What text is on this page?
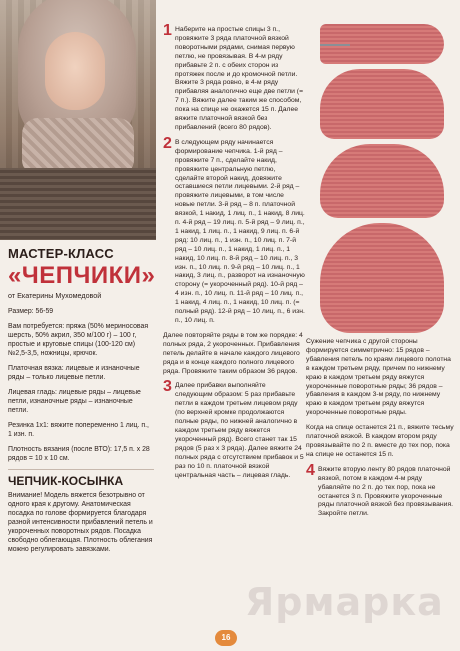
МАСТЕР-КЛАСС
«ЧЕПЧИКИ»
от Екатерины Мухомедовой
Размер: 56-59
Вам потребуется: пряжа (50% мериносовая шерсть, 50% акрил, 350 м/100 г) – 100 г, простые и круговые спицы (100-120 см) №2,5-3,5, ножницы, крючок.
Платочная вязка: лицевые и изнаночные ряды – только лицевые петли.
Лицевая гладь: лицевые ряды – лицевые петли, изнаночные ряды – изнаночные петли.
Резинка 1х1: вяжите попеременно 1 лиц. п., 1 изн. п.
Плотность вязания (после ВТО): 17,5 п. х 28 рядов = 10 х 10 см.
ЧЕПЧИК-КОСЫНКА
Внимание! Модель вяжется безотрывно от одного края к другому. Анатомическая посадка по голове формируется благодаря разной интенсивности прибавлений петель и укороченных поворотных рядов. Посадка свободно облегающая. Плотность облегания можно регулировать завязками.
1 Наберите на простые спицы 3 п., провяжите 3 ряда платочной вязкой поворотными рядами, снимая первую петлю, не провязывая. В 4-м ряду прибавьте 2 п. с обеих сторон из протяжек после и до кромочной петли. Вяжите 3 ряда ровно, в 4-м ряду прибавляя аналогично еще две петли (= 7 п.). Вяжите далее таким же способом, пока на спице не окажется 15 п. Далее вяжите платочной вязкой без прибавлений (всего 80 рядов).
2 В следующем ряду начинается формирование чепчика. 1-й ряд – провяжите 7 п., сделайте накид, провяжите центральную петлю, сделайте второй накид, довяжите оставшиеся петли лицевыми. 2-й ряд – провяжите лицевыми, в том числе новые петли. 3-й ряд – 8 п. платочной вязкой, 1 накид, 1 лиц. п., 1 накид, 8 лиц. п. 4-й ряд – 19 лиц. п. 5-й ряд – 9 лиц. п., 1 накид, 1 лиц. п., 1 накид, 9 лиц. п. 6-й ряд: 10 лиц. п., 1 изн. п., 10 лиц. п. 7-й ряд – 10 лиц. п., 1 накид, 1 лиц. п., 1 накид, 10 лиц. п. 8-й ряд – 10 лиц. п., 3 изн. п., 10 лиц. п. 9-й ряд – 10 лиц. п., 1 накид, 3 лиц. п., разворот на изнаночную сторону (= укороченный ряд). 10-й ряд – 4 изн. п., 10 лиц. п. 11-й ряд – 10 лиц. п., 1 накид, 4 лиц. п., 1 накид, 10 лиц. п. (= полный ряд). 12-й ряд – 10 лиц. п., 6 изн. п., 10 лиц. п.
Далее повторяйте ряды в том же порядке: 4 полных ряда, 2 укороченных. Прибавления петель делайте в начале каждого лицевого ряда и в конце каждого полного лицевого ряда. Провяжите таким образом 36 рядов.
3 Далее прибавки выполняйте следующим образом: 5 раз прибавьте петли в каждом третьем лицевом ряду (по верхней кромке продолжаются полные ряды, по нижней аналогично в каждом третьем ряду вяжется укороченный ряд). Всего станет так 15 рядов (5 раз х 3 ряда). Далее вяжите 24 полных ряда с отсутствием прибавок и 5 раз по 10 п. платочной вязкой центральная часть – лицевая гладь.
Сужение чепчика с другой стороны формируется симметрично: 15 рядов – убавления петель по краям лицевого полотна в каждом третьем ряду, причем по нижнему краю в каждом третьем ряду вяжутся укороченные поворотные ряды; 36 рядов – убавления в каждом 3-м ряду, по нижнему краю в каждом третьем ряду вяжутся укороченные поворотные ряды.
Когда на спице останется 21 п., вяжите тесьму платочной вязкой. В каждом втором ряду провязывайте по 2 п. вместе до тех пор, пока на спице не останется 15 п.
4 Вяжите вторую ленту 80 рядов платочной вязкой, потом в каждом 4-м ряду убавляйте по 2 п. до тех пор, пока не останется 3 п. Провяжите укороченные ряды платочной вязкой без провязывания. Закройте петли.
Ярмарка
16
